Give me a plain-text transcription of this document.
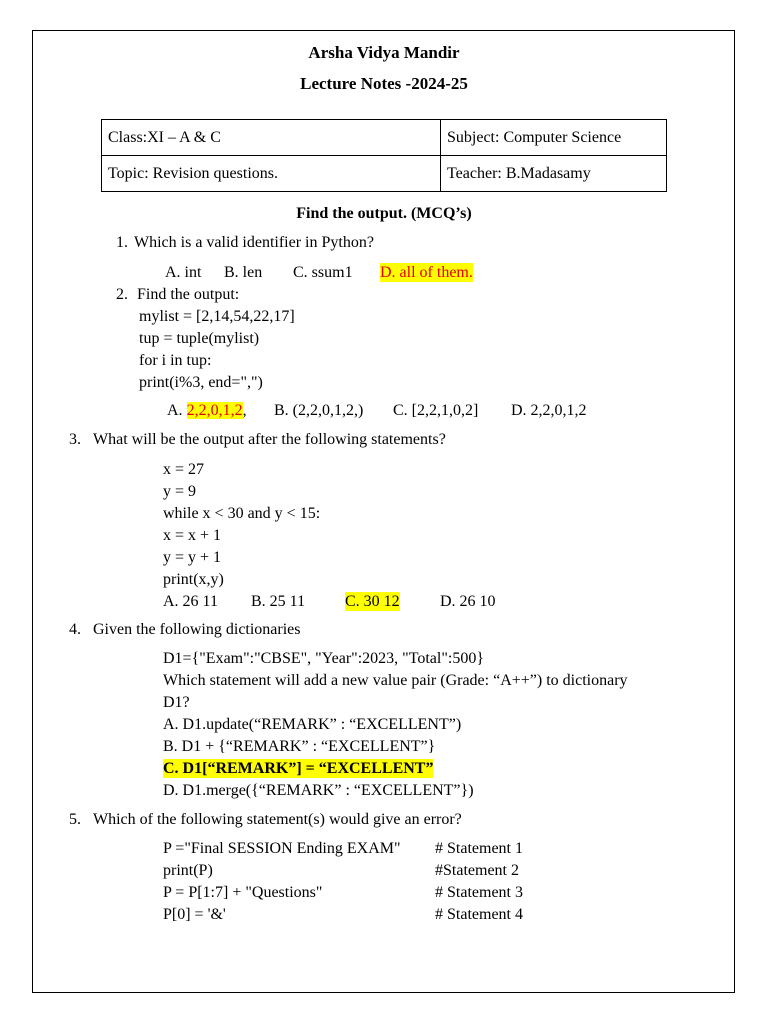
Arsha Vidya Mandir
Lecture Notes -2024-25
Class:XI – A & C	Subject: Computer Science
Topic: Revision questions.	Teacher: B.Madasamy
Find the output. (MCQ’s)
1. Which is a valid identifier in Python?
A. int B. len C. ssum1 D. all of them.
2. Find the output:
mylist = [2,14,54,22,17]
tup = tuple(mylist)
for i in tup:
print(i%3, end=",")
A. 2,2,0,1,2, B. (2,2,0,1,2,) C. [2,2,1,0,2] D. 2,2,0,1,2
3. What will be the output after the following statements?
x = 27
y = 9
while x < 30 and y < 15:
x = x + 1
y = y + 1
print(x,y)
A. 26 11 B. 25 11 C. 30 12	D. 26 10
4. Given the following dictionaries
D1={"Exam":"CBSE", "Year":2023, "Total":500}
Which statement will add a new value pair (Grade: “A++”) to dictionary
D1?
A. D1.update(“REMARK” : “EXCELLENT”)
B. D1 + {“REMARK” : “EXCELLENT”}
C. D1[“REMARK”] = “EXCELLENT”
D. D1.merge({“REMARK” : “EXCELLENT”})
5. Which of the following statement(s) would give an error?
P ="Final SESSION Ending EXAM" # Statement 1
print(P)	#Statement 2
P = P[1:7] + "Questions"	# Statement 3
P[0] = '&'	# Statement 4
